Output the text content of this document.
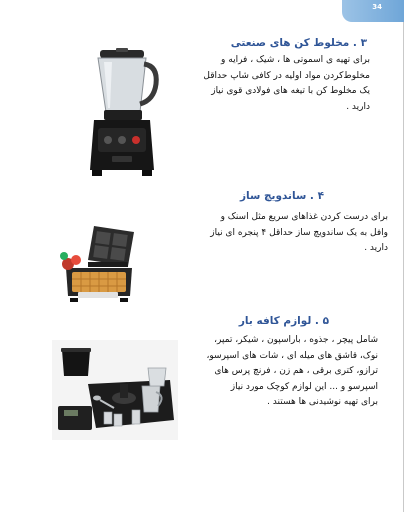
34
۳ . مخلوط کن های صنعتی
برای تهیه ی اسموتی ها ، شیک ، فرایه و
مخلوط‌کردن مواد اولیه در کافی شاپ حداقل
یک مخلوط کن با تیغه های فولادی قوی نیاز
دارید .
۴ . ساندویچ ساز
برای درست کردن غذاهای سریع مثل اسنک و
وافل به یک ساندویچ ساز حداقل ۴ پنجره ای نیاز
دارید .
۵ . لوازم کافه بار
شامل پیچر ، جذوه ، باراسپون ، شیکر، تمپر،
نوک، قاشق های میله ای ، شات های اسپرسو،
ترازو، کتری برقی ، هم زن ، فرنچ پرس های
اسپرسو و ... این لوازم کوچک مورد نیاز
برای تهیه نوشیدنی ها هستند .
